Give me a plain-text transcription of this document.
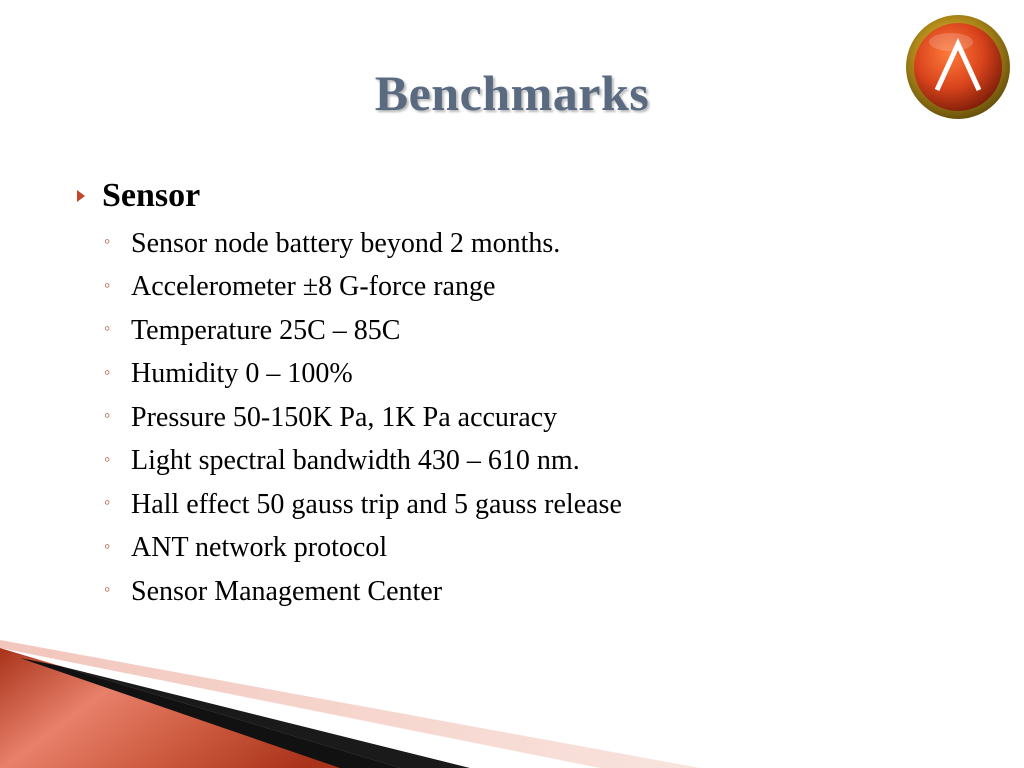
Benchmarks
Sensor
◦ Sensor node battery beyond 2 months.
◦ Accelerometer ±8 G-force range
◦ Temperature 25C – 85C
◦ Humidity 0 – 100%
◦ Pressure 50-150K Pa, 1K Pa accuracy
◦ Light spectral bandwidth 430 – 610 nm.
◦ Hall effect 50 gauss trip and 5 gauss release
◦ ANT network protocol
◦ Sensor Management Center
